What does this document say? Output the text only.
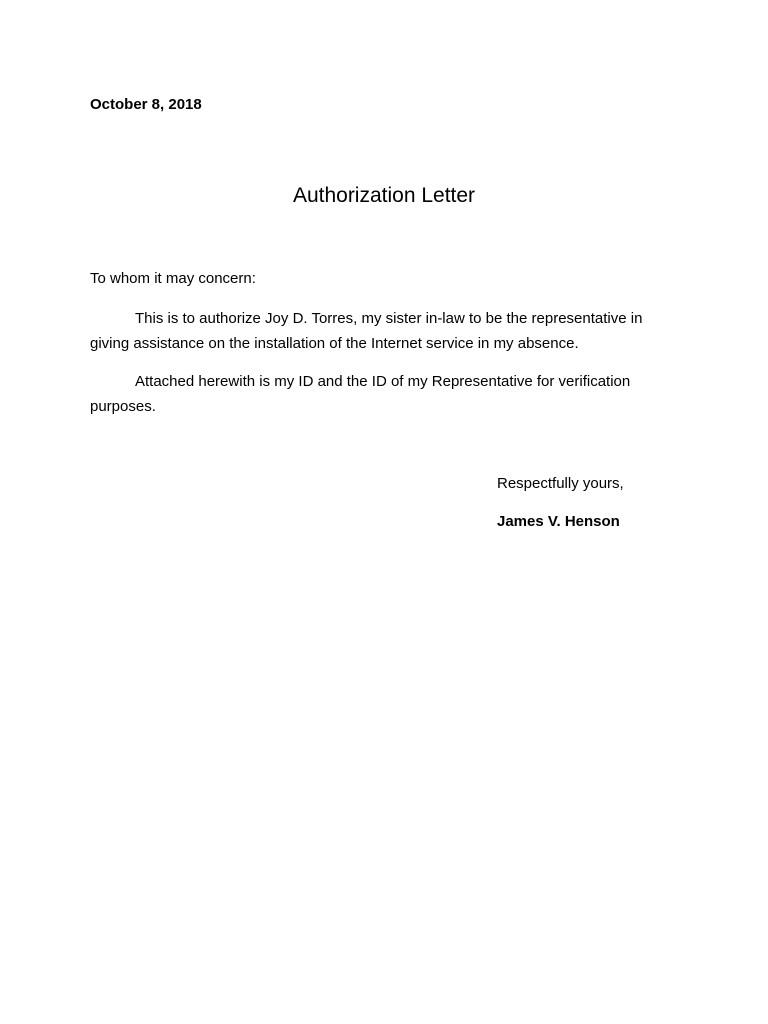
October 8, 2018
Authorization Letter

To whom it may concern:

This is to authorize Joy D. Torres, my sister in-law to be the representative in giving assistance on the installation of the Internet service in my absence.

Attached herewith is my ID and the ID of my Representative for verification purposes.

Respectfully yours,

James V. Henson
